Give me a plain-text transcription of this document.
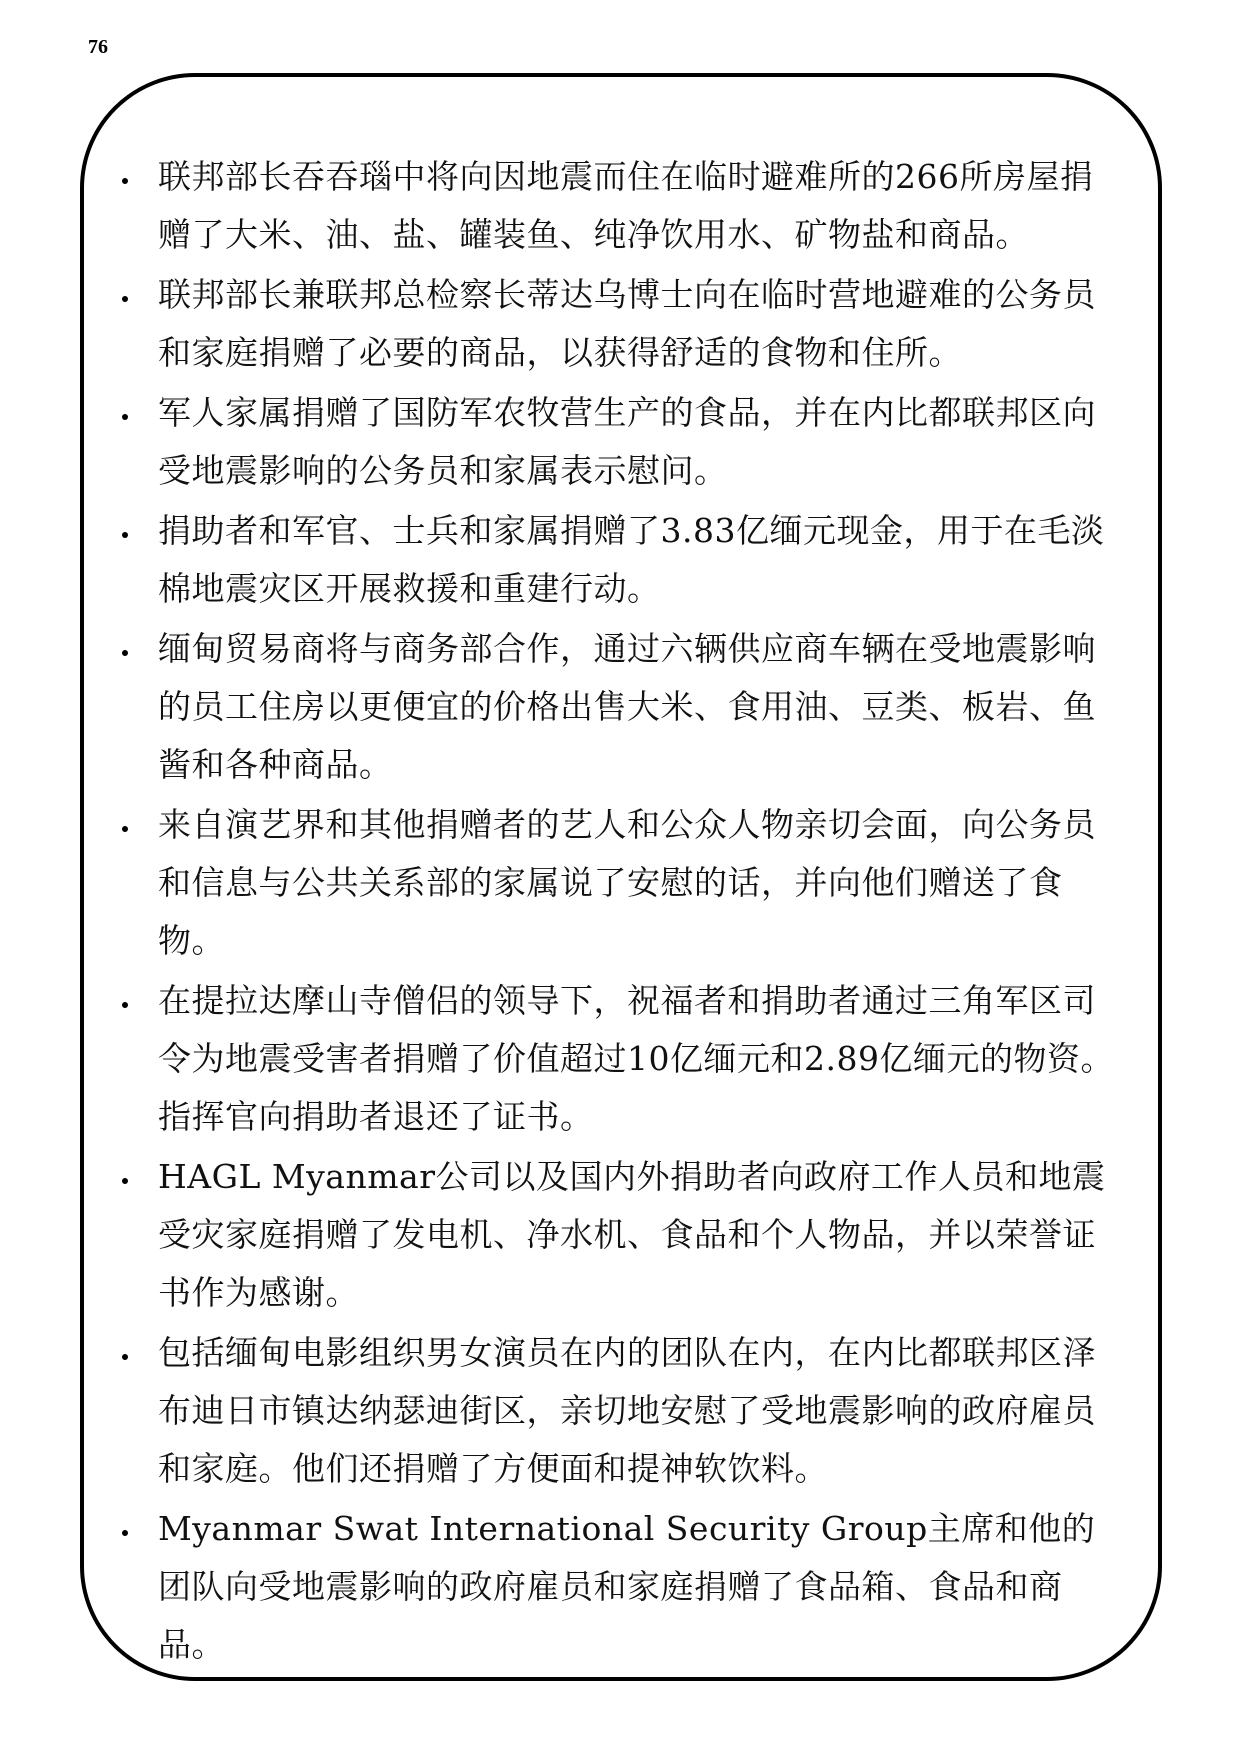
76
联邦部长吞吞瑙中将向因地震而住在临时避难所的266所房屋捐赠了大米、油、盐、罐装鱼、纯净饮用水、矿物盐和商品。
联邦部长兼联邦总检察长蒂达乌博士向在临时营地避难的公务员和家庭捐赠了必要的商品，以获得舒适的食物和住所。
军人家属捐赠了国防军农牧营生产的食品，并在内比都联邦区向受地震影响的公务员和家属表示慰问。
捐助者和军官、士兵和家属捐赠了3.83亿缅元现金，用于在毛淡棉地震灾区开展救援和重建行动。
缅甸贸易商将与商务部合作，通过六辆供应商车辆在受地震影响的员工住房以更便宜的价格出售大米、食用油、豆类、板岩、鱼酱和各种商品。
来自演艺界和其他捐赠者的艺人和公众人物亲切会面，向公务员和信息与公共关系部的家属说了安慰的话，并向他们赠送了食物。
在提拉达摩山寺僧侣的领导下，祝福者和捐助者通过三角军区司令为地震受害者捐赠了价值超过10亿缅元和2.89亿缅元的物资。指挥官向捐助者退还了证书。
HAGL Myanmar公司以及国内外捐助者向政府工作人员和地震受灾家庭捐赠了发电机、净水机、食品和个人物品，并以荣誉证书作为感谢。
包括缅甸电影组织男女演员在内的团队在内，在内比都联邦区泽布迪日市镇达纳瑟迪街区，亲切地安慰了受地震影响的政府雇员和家庭。他们还捐赠了方便面和提神软饮料。
Myanmar Swat International Security Group主席和他的团队向受地震影响的政府雇员和家庭捐赠了食品箱、食品和商品。
